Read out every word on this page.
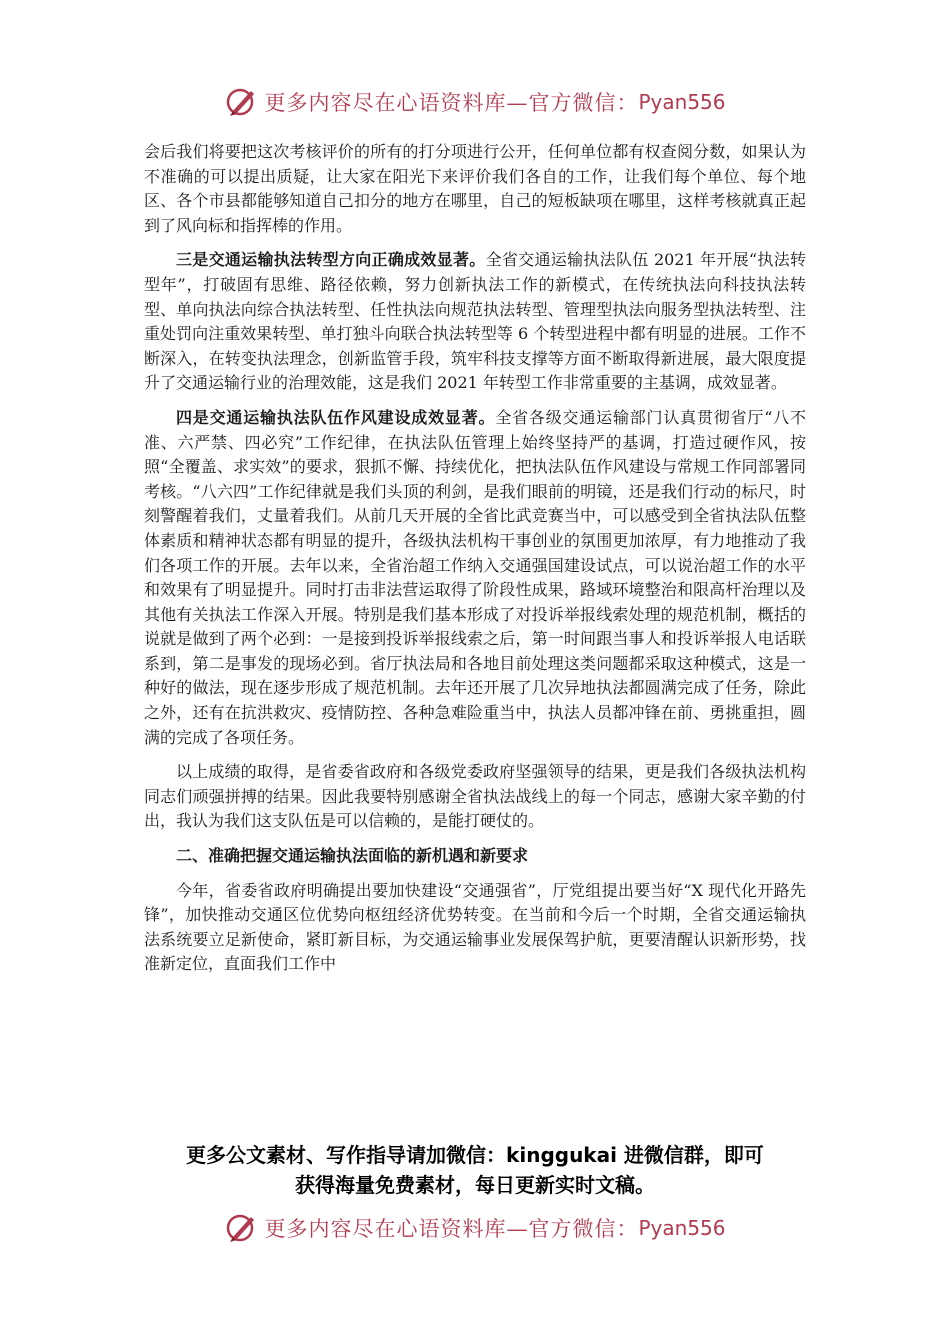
更多内容尽在心语资料库—官方微信： Pyan556

会后我们将要把这次考核评价的所有的打分项进行公开，任何单位都有权查阅分数，如果认为不准确的可以提出质疑，让大家在阳光下来评价我们各自的工作，让我们每个单位、每个地区、各个市县都能够知道自己扣分的地方在哪里，自己的短板缺项在哪里，这样考核就真正起到了风向标和指挥棒的作用。

三是交通运输执法转型方向正确成效显著。全省交通运输执法队伍 2021 年开展“执法转型年”，打破固有思维、路径依赖，努力创新执法工作的新模式，在传统执法向科技执法转型、单向执法向综合执法转型、任性执法向规范执法转型、管理型执法向服务型执法转型、注重处罚向注重效果转型、单打独斗向联合执法转型等 6 个转型进程中都有明显的进展。工作不断深入，在转变执法理念，创新监管手段，筑牢科技支撑等方面不断取得新进展，最大限度提升了交通运输行业的治理效能，这是我们 2021 年转型工作非常重要的主基调，成效显著。

四是交通运输执法队伍作风建设成效显著。全省各级交通运输部门认真贯彻省厅“八不准、六严禁、四必究”工作纪律，在执法队伍管理上始终坚持严的基调，打造过硬作风，按照“全覆盖、求实效”的要求，狠抓不懈、持续优化，把执法队伍作风建设与常规工作同部署同考核。“八六四”工作纪律就是我们头顶的利剑，是我们眼前的明镜，还是我们行动的标尺，时刻警醒着我们，丈量着我们。从前几天开展的全省比武竞赛当中，可以感受到全省执法队伍整体素质和精神状态都有明显的提升，各级执法机构干事创业的氛围更加浓厚，有力地推动了我们各项工作的开展。去年以来，全省治超工作纳入交通强国建设试点，可以说治超工作的水平和效果有了明显提升。同时打击非法营运取得了阶段性成果，路域环境整治和限高杆治理以及其他有关执法工作深入开展。特别是我们基本形成了对投诉举报线索处理的规范机制，概括的说就是做到了两个必到：一是接到投诉举报线索之后，第一时间跟当事人和投诉举报人电话联系到，第二是事发的现场必到。省厅执法局和各地目前处理这类问题都采取这种模式，这是一种好的做法，现在逐步形成了规范机制。去年还开展了几次异地执法都圆满完成了任务，除此之外，还有在抗洪救灾、疫情防控、各种急难险重当中，执法人员都冲锋在前、勇挑重担，圆满的完成了各项任务。

以上成绩的取得，是省委省政府和各级党委政府坚强领导的结果，更是我们各级执法机构同志们顽强拼搏的结果。因此我要特别感谢全省执法战线上的每一个同志，感谢大家辛勤的付出，我认为我们这支队伍是可以信赖的，是能打硬仗的。

二、准确把握交通运输执法面临的新机遇和新要求

今年，省委省政府明确提出要加快建设“交通强省”，厅党组提出要当好“X 现代化开路先锋”，加快推动交通区位优势向枢纽经济优势转变。在当前和今后一个时期，全省交通运输执法系统要立足新使命，紧盯新目标，为交通运输事业发展保驾护航，更要清醒认识新形势，找准新定位，直面我们工作中

更多公文素材、写作指导请加微信：kinggukai 进微信群，即可
获得海量免费素材，每日更新实时文稿。
更多内容尽在心语资料库—官方微信： Pyan556
